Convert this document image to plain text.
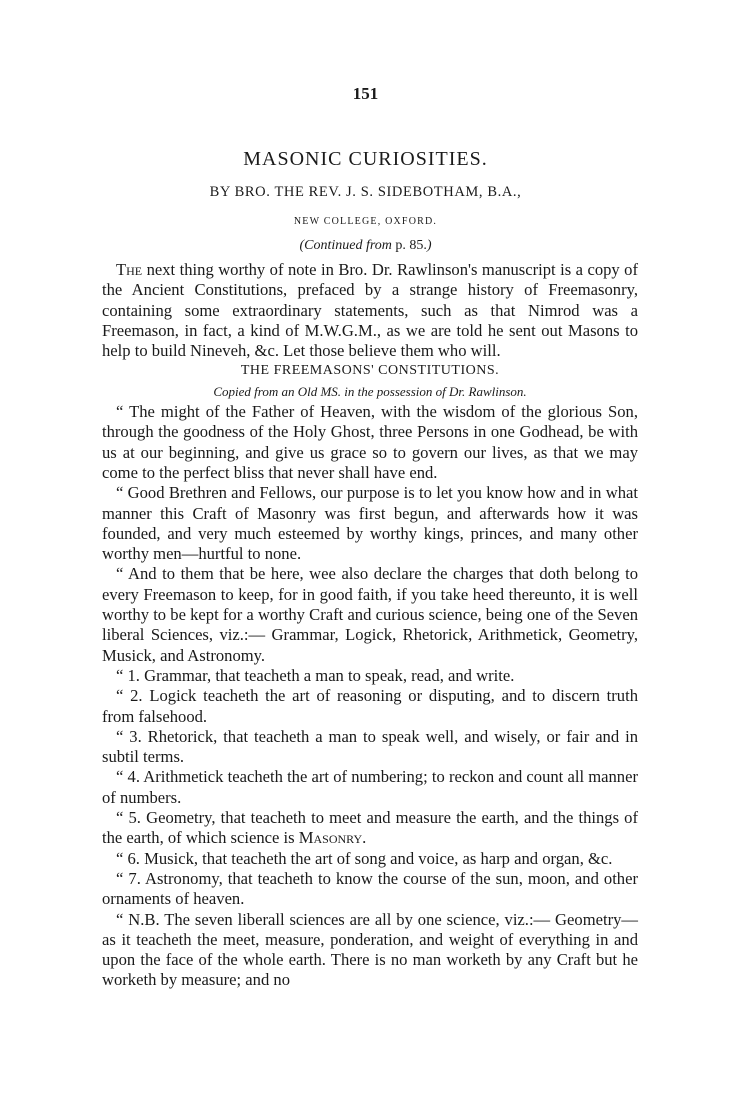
151
MASONIC CURIOSITIES.
BY BRO. THE REV. J. S. SIDEBOTHAM, B.A.,
NEW COLLEGE, OXFORD.
(Continued from p. 85.)

The next thing worthy of note in Bro. Dr. Rawlinson's manuscript is a copy of the Ancient Constitutions, prefaced by a strange history of Freemasonry, containing some extraordinary statements, such as that Nimrod was a Freemason, in fact, a kind of M.W.G.M., as we are told he sent out Masons to help to build Nineveh, &c. Let those believe them who will.

THE FREEMASONS' CONSTITUTIONS.

Copied from an Old MS. in the possession of Dr. Rawlinson.

“ The might of the Father of Heaven, with the wisdom of the glorious Son, through the goodness of the Holy Ghost, three Persons in one Godhead, be with us at our beginning, and give us grace so to govern our lives, as that we may come to the perfect bliss that never shall have end.

“ Good Brethren and Fellows, our purpose is to let you know how and in what manner this Craft of Masonry was first begun, and afterwards how it was founded, and very much esteemed by worthy kings, princes, and many other worthy men—hurtful to none.

“ And to them that be here, wee also declare the charges that doth belong to every Freemason to keep, for in good faith, if you take heed thereunto, it is well worthy to be kept for a worthy Craft and curious science, being one of the Seven liberal Sciences, viz.:— Grammar, Logick, Rhetorick, Arithmetick, Geometry, Musick, and Astronomy.

“ 1. Grammar, that teacheth a man to speak, read, and write.

“ 2. Logick teacheth the art of reasoning or disputing, and to discern truth from falsehood.

“ 3. Rhetorick, that teacheth a man to speak well, and wisely, or fair and in subtil terms.

“ 4. Arithmetick teacheth the art of numbering; to reckon and count all manner of numbers.

“ 5. Geometry, that teacheth to meet and measure the earth, and the things of the earth, of which science is Masonry.

“ 6. Musick, that teacheth the art of song and voice, as harp and organ, &c.

“ 7. Astronomy, that teacheth to know the course of the sun, moon, and other ornaments of heaven.

“ N.B. The seven liberall sciences are all by one science, viz.:— Geometry—as it teacheth the meet, measure, ponderation, and weight of everything in and upon the face of the whole earth. There is no man worketh by any Craft but he worketh by measure; and no
